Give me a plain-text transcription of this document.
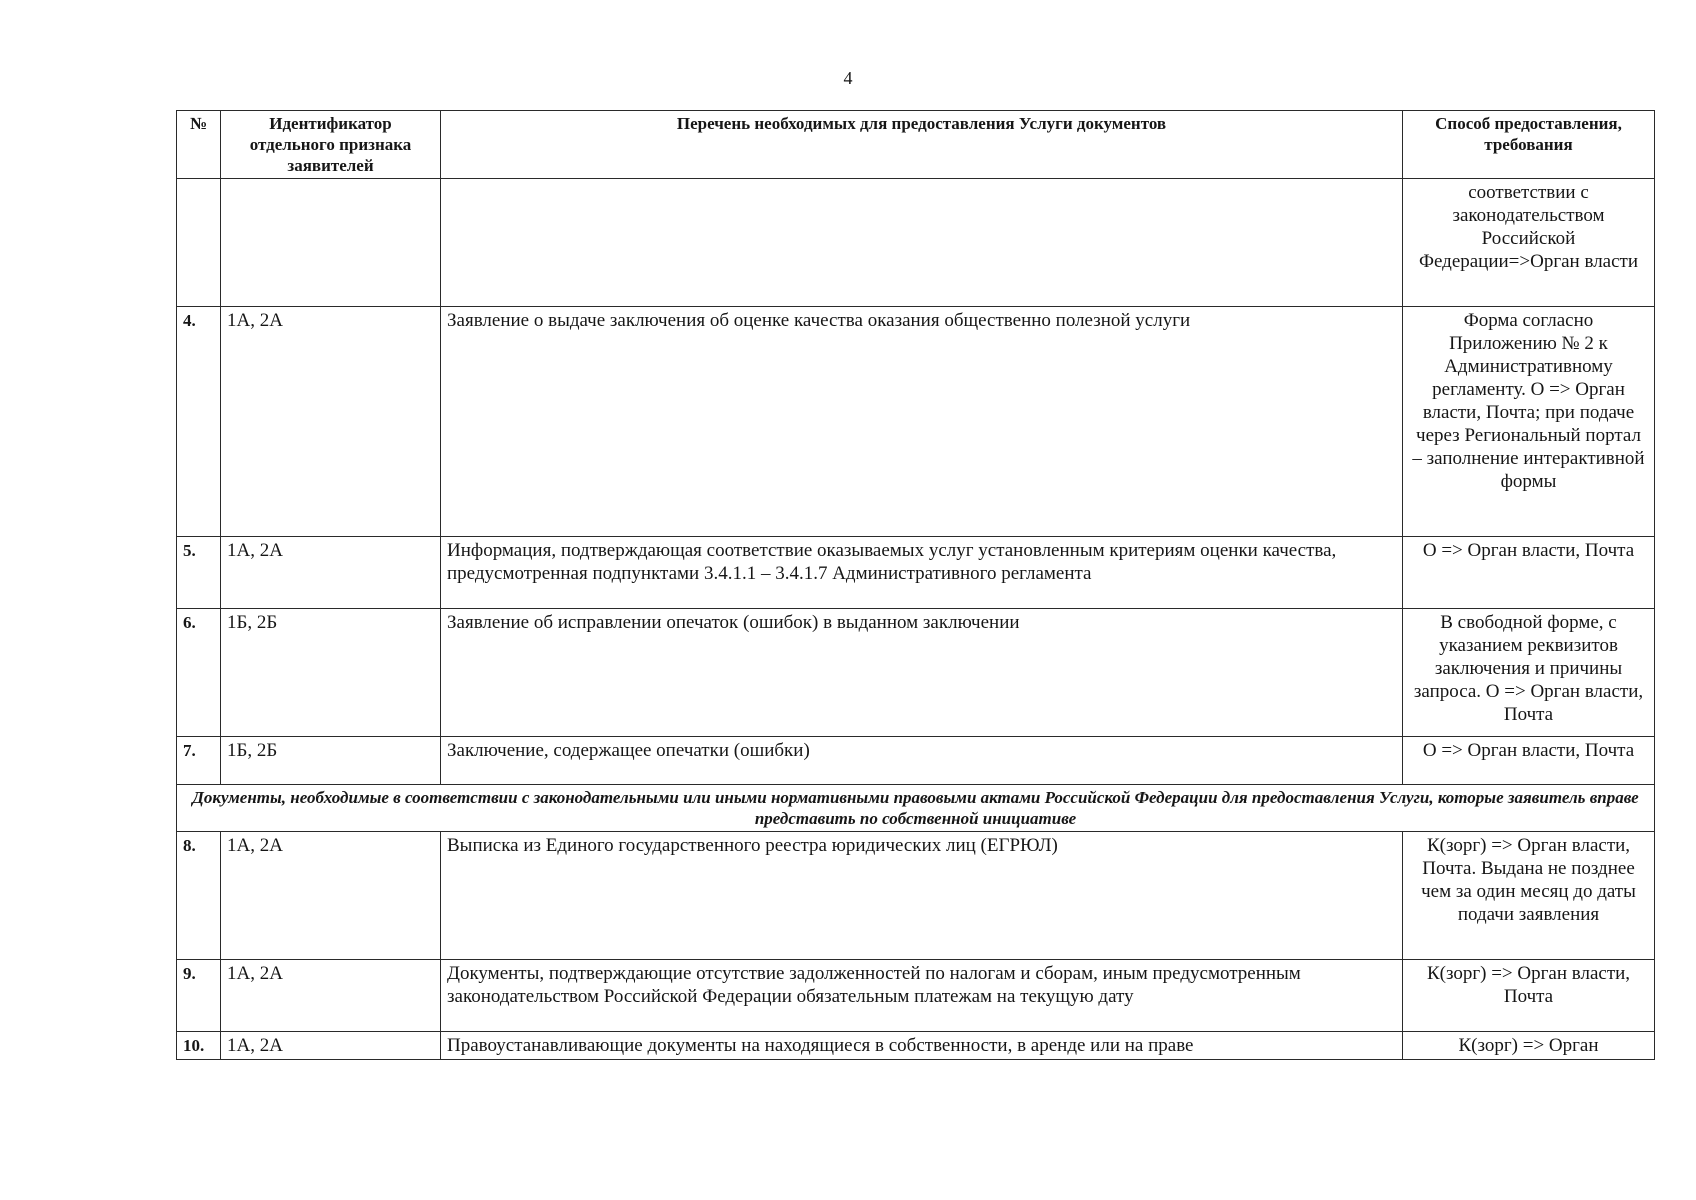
4
№	Идентификатор отдельного признака заявителей	Перечень необходимых для предоставления Услуги документов	Способ предоставления, требования
			соответствии с законодательством Российской Федерации=>Орган власти
4.	1А, 2А	Заявление о выдаче заключения об оценке качества оказания общественно полезной услуги	Форма согласно Приложению № 2 к Административному регламенту. О => Орган власти, Почта; при подаче через Региональный портал – заполнение интерактивной формы
5.	1А, 2А	Информация, подтверждающая соответствие оказываемых услуг установленным критериям оценки качества, предусмотренная подпунктами 3.4.1.1 – 3.4.1.7 Административного регламента	О => Орган власти, Почта
6.	1Б, 2Б	Заявление об исправлении опечаток (ошибок) в выданном заключении	В свободной форме, с указанием реквизитов заключения и причины запроса. О => Орган власти, Почта
7.	1Б, 2Б	Заключение, содержащее опечатки (ошибки)	О => Орган власти, Почта
Документы, необходимые в соответствии с законодательными или иными нормативными правовыми актами Российской Федерации для предоставления Услуги, которые заявитель вправе представить по собственной инициативе			
8.	1А, 2А	Выписка из Единого государственного реестра юридических лиц (ЕГРЮЛ)	К(зорг) => Орган власти, Почта. Выдана не позднее чем за один месяц до даты подачи заявления
9.	1А, 2А	Документы, подтверждающие отсутствие задолженностей по налогам и сборам, иным предусмотренным законодательством Российской Федерации обязательным платежам на текущую дату	К(зорг) => Орган власти, Почта
10.	1А, 2А	Правоустанавливающие документы на находящиеся в собственности, в аренде или на праве	К(зорг) => Орган
